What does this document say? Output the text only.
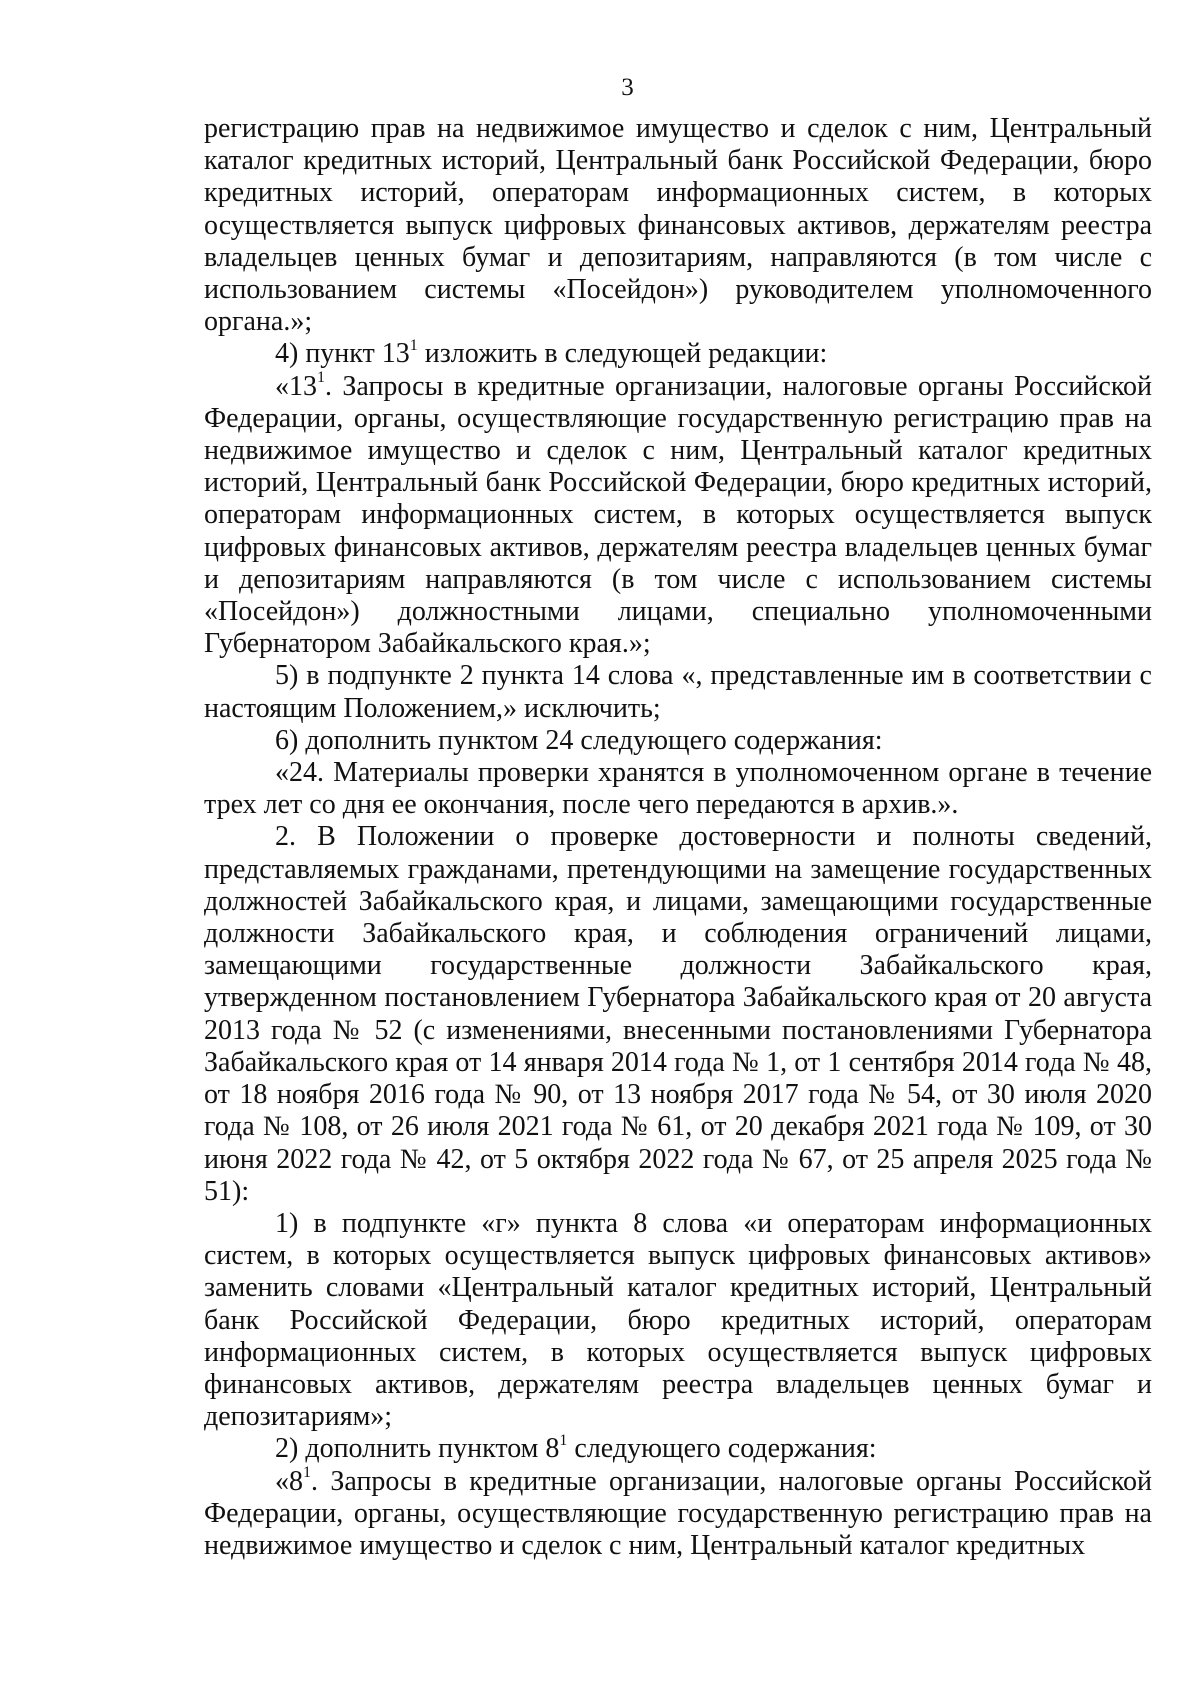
3

регистрацию прав на недвижимое имущество и сделок с ним, Центральный каталог кредитных историй, Центральный банк Российской Федерации, бюро кредитных историй, операторам информационных систем, в которых осуществляется выпуск цифровых финансовых активов, держателям реестра владельцев ценных бумаг и депозитариям, направляются (в том числе с использованием системы «Посейдон») руководителем уполномоченного органа.»;

4) пункт $13^1$ изложить в следующей редакции:

«$13^1$. Запросы в кредитные организации, налоговые органы Российской Федерации, органы, осуществляющие государственную регистрацию прав на недвижимое имущество и сделок с ним, Центральный каталог кредитных историй, Центральный банк Российской Федерации, бюро кредитных историй, операторам информационных систем, в которых осуществляется выпуск цифровых финансовых активов, держателям реестра владельцев ценных бумаг и депозитариям направляются (в том числе с использованием системы «Посейдон») должностными лицами, специально уполномоченными Губернатором Забайкальского края.»;

5) в подпункте 2 пункта 14 слова «, представленные им в соответствии с настоящим Положением,» исключить;

6) дополнить пунктом 24 следующего содержания:

«24. Материалы проверки хранятся в уполномоченном органе в течение трех лет со дня ее окончания, после чего передаются в архив.».

2. В Положении о проверке достоверности и полноты сведений, представляемых гражданами, претендующими на замещение государственных должностей Забайкальского края, и лицами, замещающими государственные должности Забайкальского края, и соблюдения ограничений лицами, замещающими государственные должности Забайкальского края, утвержденном постановлением Губернатора Забайкальского края от 20 августа 2013 года № 52 (с изменениями, внесенными постановлениями Губернатора Забайкальского края от 14 января 2014 года № 1, от 1 сентября 2014 года № 48, от 18 ноября 2016 года № 90, от 13 ноября 2017 года № 54, от 30 июля 2020 года № 108, от 26 июля 2021 года № 61, от 20 декабря 2021 года № 109, от 30 июня 2022 года № 42, от 5 октября 2022 года № 67, от 25 апреля 2025 года № 51):

1) в подпункте «г» пункта 8 слова «и операторам информационных систем, в которых осуществляется выпуск цифровых финансовых активов» заменить словами «Центральный каталог кредитных историй, Центральный банк Российской Федерации, бюро кредитных историй, операторам информационных систем, в которых осуществляется выпуск цифровых финансовых активов, держателям реестра владельцев ценных бумаг и депозитариям»;

2) дополнить пунктом $8^1$ следующего содержания:

«$8^1$. Запросы в кредитные организации, налоговые органы Российской Федерации, органы, осуществляющие государственную регистрацию прав на недвижимое имущество и сделок с ним, Центральный каталог кредитных
